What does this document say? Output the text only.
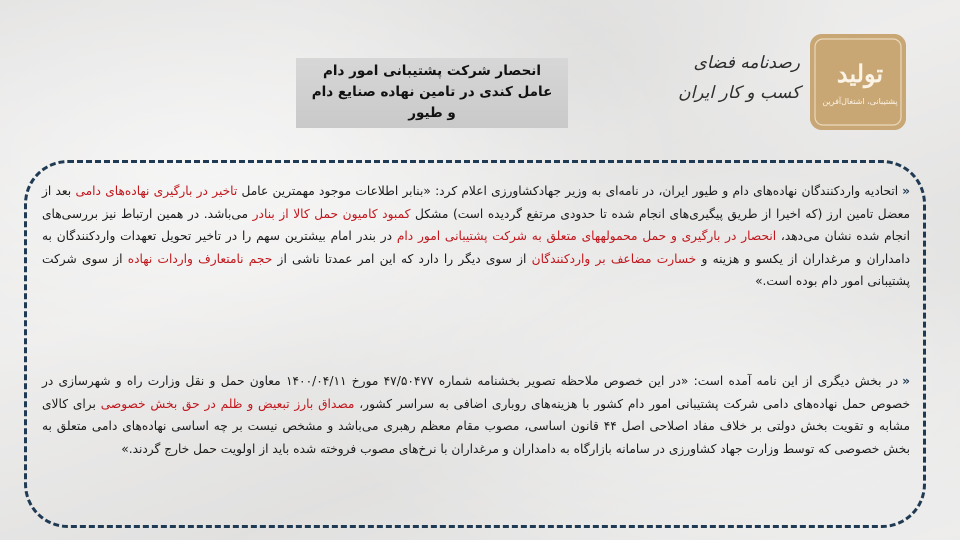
تولید
پشتیبانی، اشتغال‌آفرین
رصدنامه فضای
کسب و کار ایران
انحصار شرکت پشتیبانی امور دام
عامل کندی در تامین نهاده صنایع دام
و طیور
«اتحادیه واردکنندگان نهاده‌های دام و طیور ایران، در نامه‌ای به وزیر جهادکشاورزی اعلام کرد: «بنابر اطلاعات موجود مهمترین عامل تاخیر در بارگیری نهاده‌های دامی بعد از معضل تامین ارز (که اخیرا از طریق پیگیری‌های انجام شده تا حدودی مرتفع گردیده است) مشکل کمبود کامیون حمل کالا از بنادر می‌باشد. در همین ارتباط نیز بررسی‌های انجام شده نشان می‌دهد، انحصار در بارگیری و حمل محمولههای متعلق به شرکت پشتیبانی امور دام در بندر امام بیشترین سهم را در تاخیر تحویل تعهدات واردکنندگان به دامداران و مرغداران از یکسو و هزینه و خسارت مضاعف بر واردکنندگان از سوی دیگر را دارد که این امر عمدتا ناشی از حجم نامتعارف واردات نهاده از سوی شرکت پشتیبانی امور دام بوده است.»
«در بخش دیگری از این نامه آمده است: «در این خصوص ملاحظه تصویر بخشنامه شماره ۴۷/۵۰۴۷۷ مورخ ۱۴۰۰/۰۴/۱۱ معاون حمل و نقل وزارت راه و شهرسازی در خصوص حمل نهاده‌های دامی شرکت پشتیبانی امور دام کشور با هزینه‌های روباری اضافی به سراسر کشور، مصداق بارز تبعیض و ظلم در حق بخش خصوصی برای کالای مشابه و تقویت بخش دولتی بر خلاف مفاد اصلاحی اصل ۴۴ قانون اساسی، مصوب مقام معظم رهبری می‌باشد و مشخص نیست بر چه اساسی نهاده‌های دامی متعلق به بخش خصوصی که توسط وزارت جهاد کشاورزی در سامانه بازارگاه به دامداران و مرغداران با نرخ‌های مصوب فروخته شده باید از اولویت حمل خارج گردند.»
